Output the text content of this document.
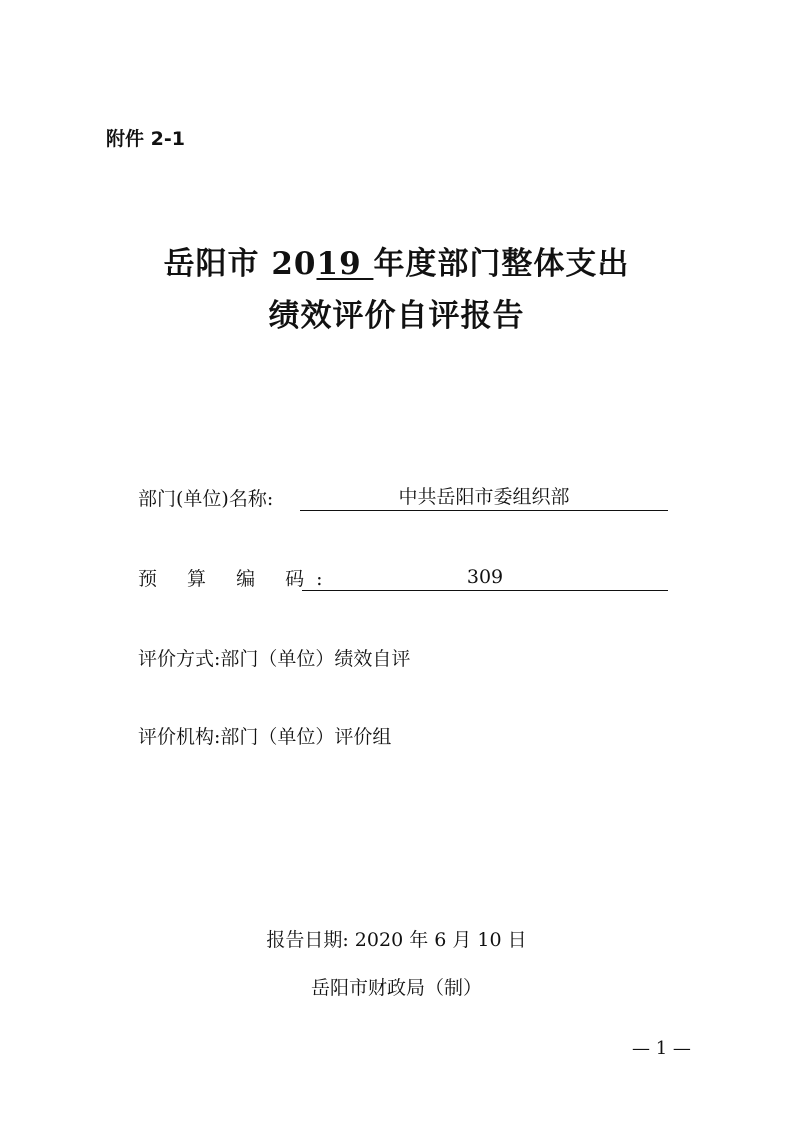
附件 2-1
岳阳市 2019 年度部门整体支出
绩效评价自评报告
部门(单位)名称:	中共岳阳市委组织部
预 算 编 码:	309
评价方式:部门（单位）绩效自评
评价机构:部门（单位）评价组
报告日期: 2020 年 6 月 10 日
岳阳市财政局（制）
— 1 —
